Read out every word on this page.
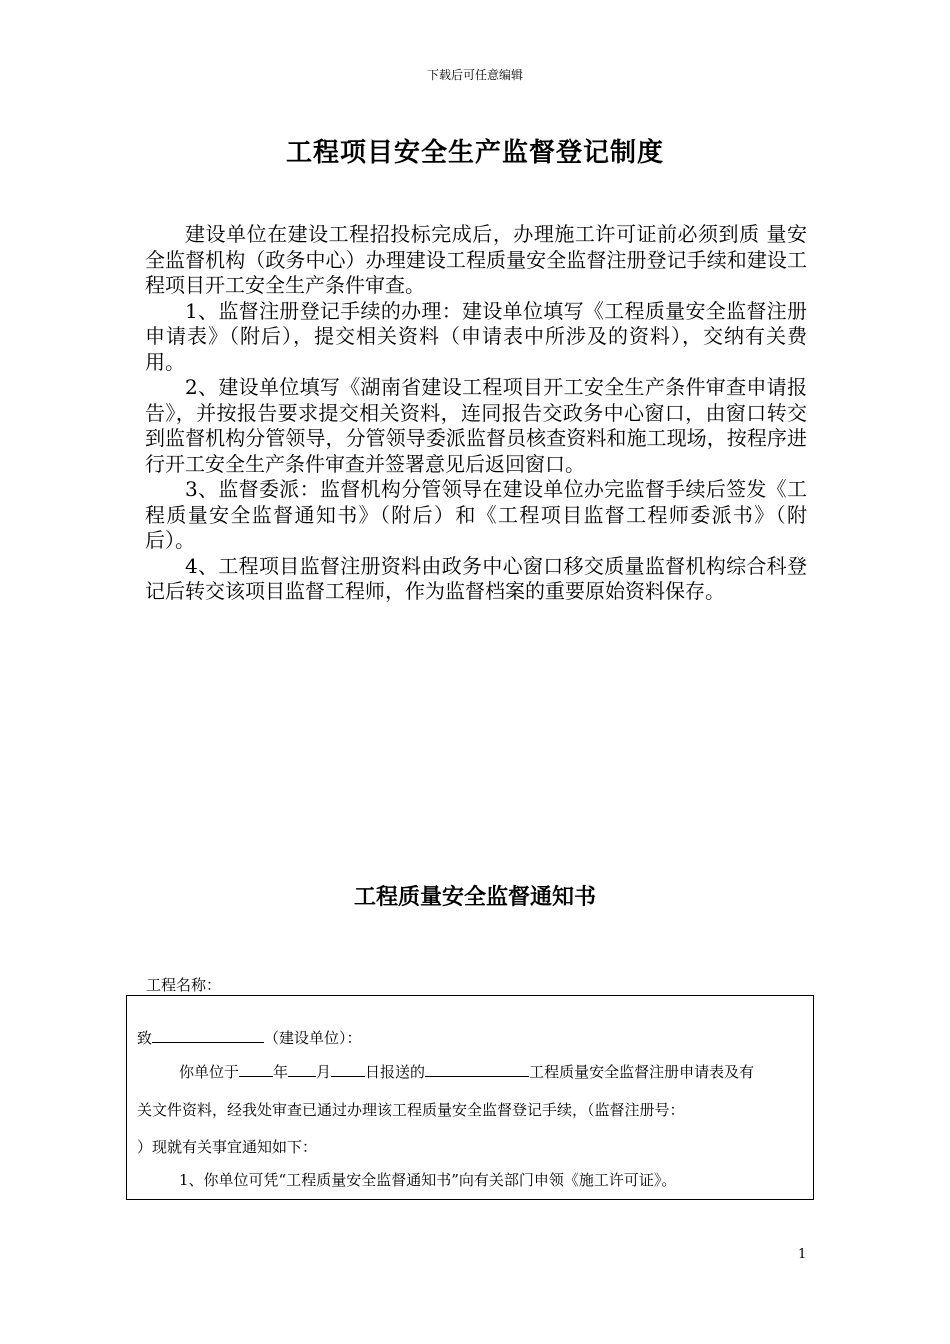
下载后可任意编辑
工程项目安全生产监督登记制度

建设单位在建设工程招投标完成后，办理施工许可证前必须到质 量安全监督机构（政务中心）办理建设工程质量安全监督注册登记手续和建设工程项目开工安全生产条件审查。

1、监督注册登记手续的办理：建设单位填写《工程质量安全监督注册申请表》（附后），提交相关资料（申请表中所涉及的资料），交纳有关费用。

2、建设单位填写《湖南省建设工程项目开工安全生产条件审查申请报告》，并按报告要求提交相关资料，连同报告交政务中心窗口，由窗口转交到监督机构分管领导，分管领导委派监督员核查资料和施工现场，按程序进行开工安全生产条件审查并签署意见后返回窗口。

3、监督委派：监督机构分管领导在建设单位办完监督手续后签发《工程质量安全监督通知书》（附后）和《工程项目监督工程师委派书》（附后）。

4、工程项目监督注册资料由政务中心窗口移交质量监督机构综合科登记后转交该项目监督工程师，作为监督档案的重要原始资料保存。

工程质量安全监督通知书
工程名称：
致	（建设单位）：
你单位于 年 月 日报送的	工程质量安全监督注册申请表及有
关文件资料，经我处审查已通过办理该工程质量安全监督登记手续，（监督注册号：
）现就有关事宜通知如下：
1、你单位可凭“工程质量安全监督通知书”向有关部门申领《施工许可证》。
1
